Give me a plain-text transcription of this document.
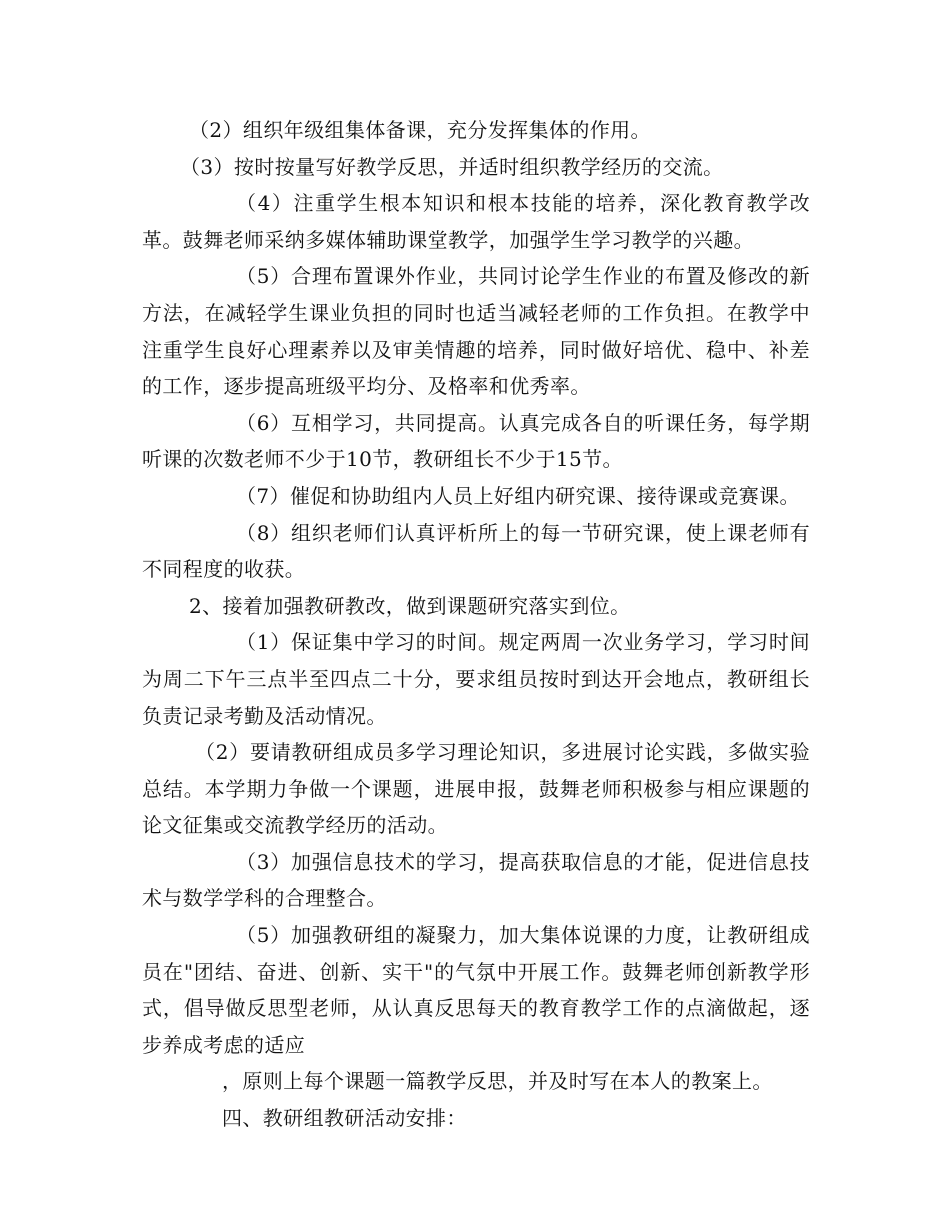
（2）组织年级组集体备课，充分发挥集体的作用。

（3）按时按量写好教学反思，并适时组织教学经历的交流。

（4）注重学生根本知识和根本技能的培养，深化教育教学改革。鼓舞老师采纳多媒体辅助课堂教学，加强学生学习教学的兴趣。

（5）合理布置课外作业，共同讨论学生作业的布置及修改的新方法，在减轻学生课业负担的同时也适当减轻老师的工作负担。在教学中注重学生良好心理素养以及审美情趣的培养，同时做好培优、稳中、补差的工作，逐步提高班级平均分、及格率和优秀率。

（6）互相学习，共同提高。认真完成各自的听课任务，每学期听课的次数老师不少于10节，教研组长不少于15节。

（7）催促和协助组内人员上好组内研究课、接待课或竞赛课。

（8）组织老师们认真评析所上的每一节研究课，使上课老师有不同程度的收获。

2、接着加强教研教改，做到课题研究落实到位。

（1）保证集中学习的时间。规定两周一次业务学习，学习时间为周二下午三点半至四点二十分，要求组员按时到达开会地点，教研组长负责记录考勤及活动情况。

（2）要请教研组成员多学习理论知识，多进展讨论实践，多做实验总结。本学期力争做一个课题，进展申报，鼓舞老师积极参与相应课题的论文征集或交流教学经历的活动。

（3）加强信息技术的学习，提高获取信息的才能，促进信息技术与数学学科的合理整合。

（5）加强教研组的凝聚力，加大集体说课的力度，让教研组成员在"团结、奋进、创新、实干"的气氛中开展工作。鼓舞老师创新教学形式，倡导做反思型老师，从认真反思每天的教育教学工作的点滴做起，逐步养成考虑的适应

，原则上每个课题一篇教学反思，并及时写在本人的教案上。

四、教研组教研活动安排：
